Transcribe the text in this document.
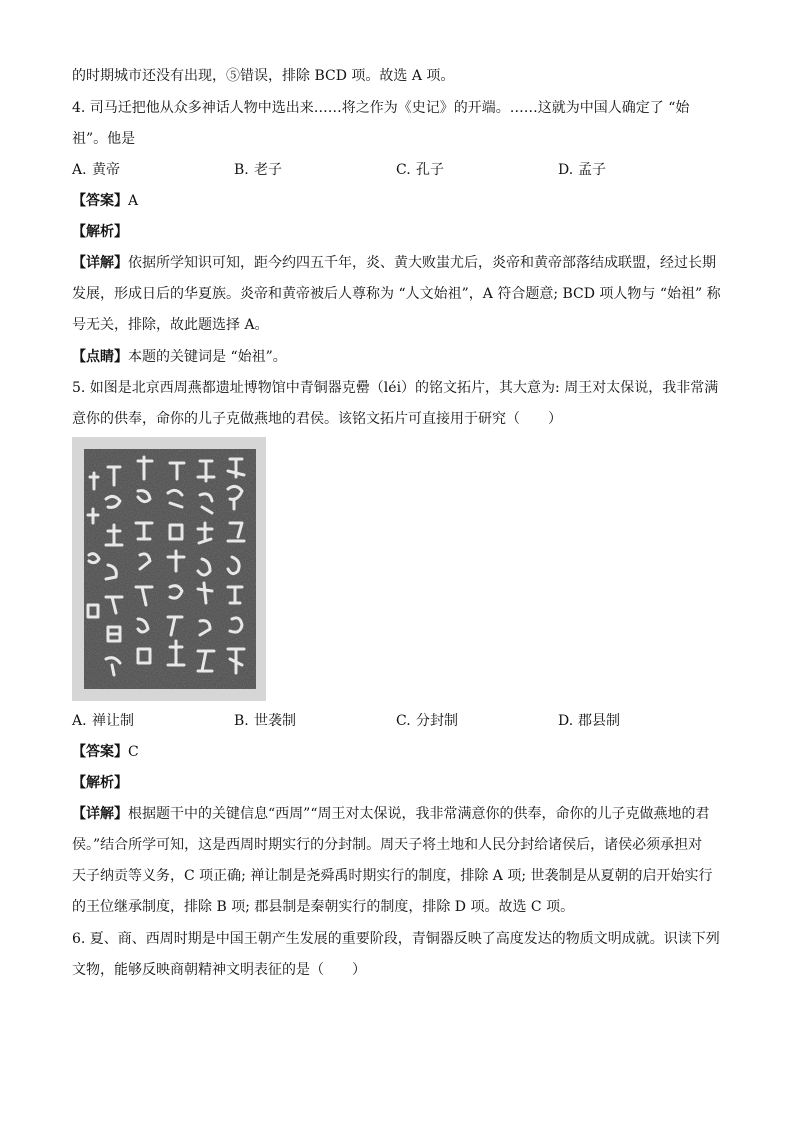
的时期城市还没有出现，⑤错误，排除 BCD 项。故选 A 项。
4. 司马迁把他从众多神话人物中选出来……将之作为《史记》的开端。……这就为中国人确定了 “始
祖”。他是
A. 黄帝	B. 老子	C. 孔子	D. 孟子
【答案】A
【解析】
【详解】依据所学知识可知，距今约四五千年，炎、黄大败蚩尤后，炎帝和黄帝部落结成联盟，经过长期
发展，形成日后的华夏族。炎帝和黄帝被后人尊称为 “人文始祖”，A 符合题意; BCD 项人物与 “始祖” 称
号无关，排除，故此题选择 A。
【点睛】本题的关键词是 “始祖”。
5. 如图是北京西周燕都遗址博物馆中青铜器克罍（léi）的铭文拓片，其大意为: 周王对太保说，我非常满
意你的供奉，命你的儿子克做燕地的君侯。该铭文拓片可直接用于研究（　　）
A. 禅让制	B. 世袭制	C. 分封制	D. 郡县制
【答案】C
【解析】
【详解】根据题干中的关键信息“西周”“周王对太保说，我非常满意你的供奉，命你的儿子克做燕地的君
侯。”结合所学可知，这是西周时期实行的分封制。周天子将土地和人民分封给诸侯后，诸侯必须承担对
天子纳贡等义务，C 项正确; 禅让制是尧舜禹时期实行的制度，排除 A 项; 世袭制是从夏朝的启开始实行
的王位继承制度，排除 B 项; 郡县制是秦朝实行的制度，排除 D 项。故选 C 项。
6. 夏、商、西周时期是中国王朝产生发展的重要阶段，青铜器反映了高度发达的物质文明成就。识读下列
文物，能够反映商朝精神文明表征的是（　　）
